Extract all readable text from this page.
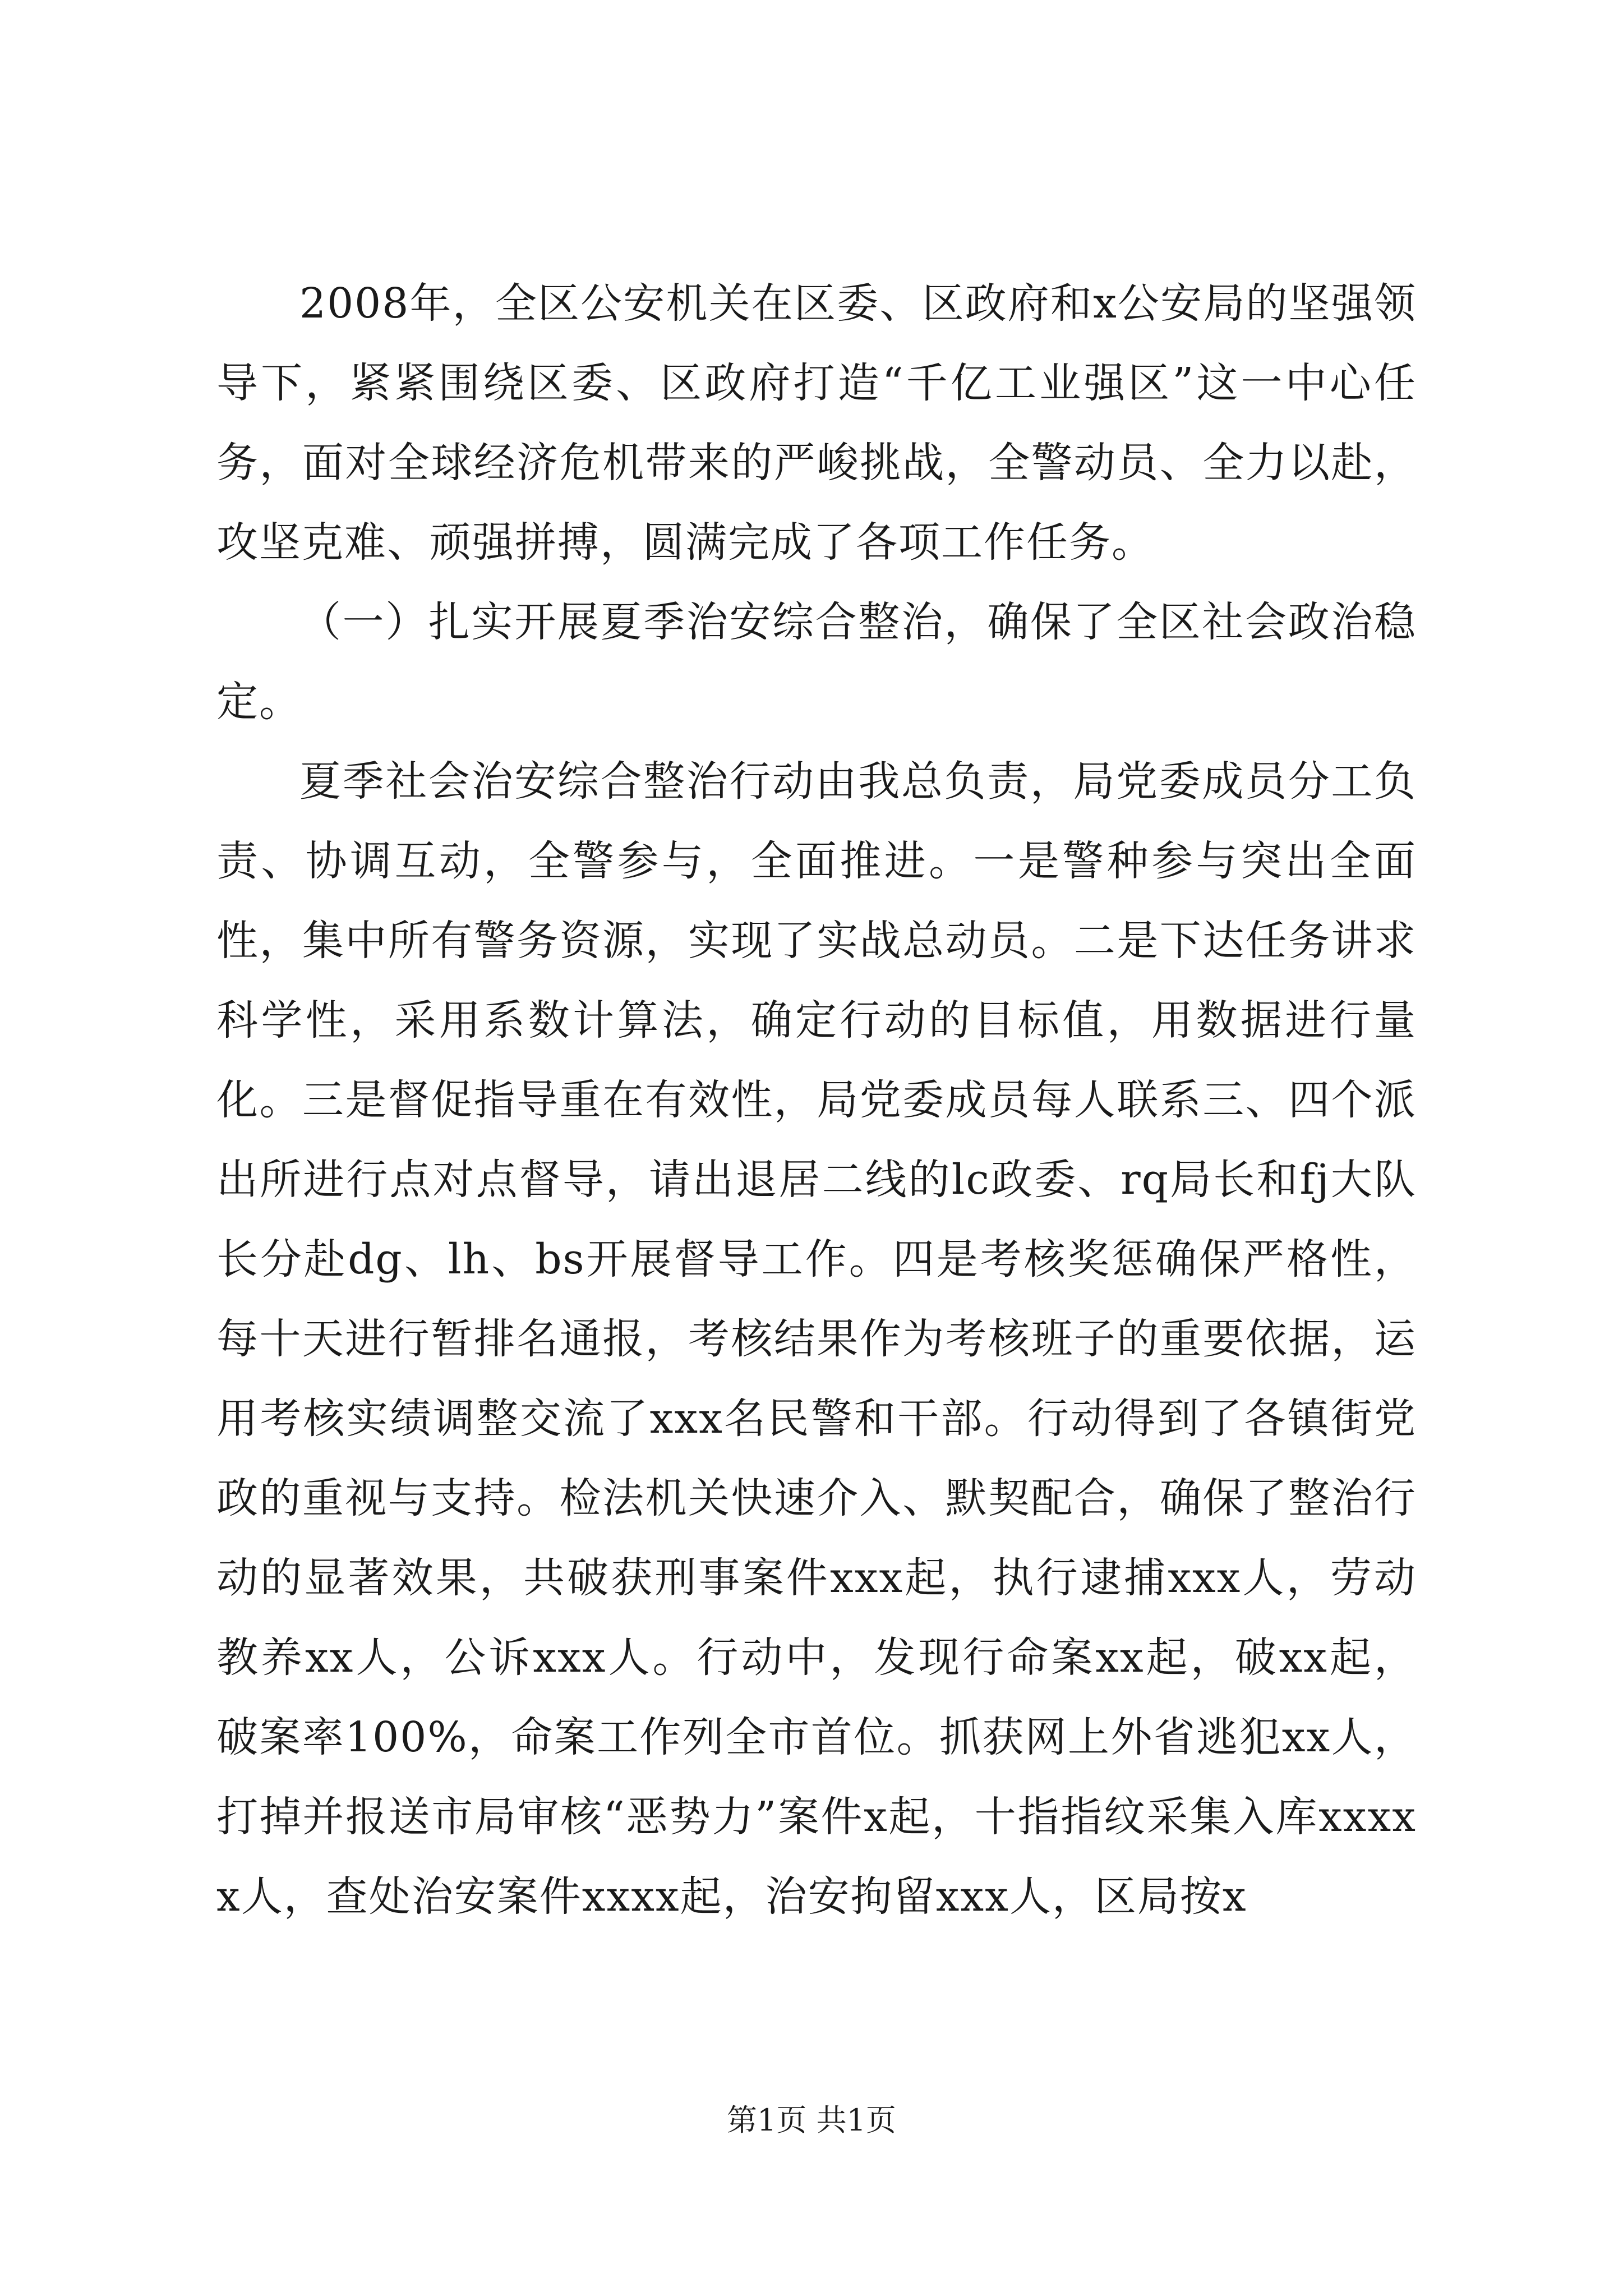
2008年，全区公安机关在区委、区政府和x公安局的坚强领导下，紧紧围绕区委、区政府打造“千亿工业强区”这一中心任务，面对全球经济危机带来的严峻挑战，全警动员、全力以赴，攻坚克难、顽强拼搏，圆满完成了各项工作任务。

（一）扎实开展夏季治安综合整治，确保了全区社会政治稳定。

夏季社会治安综合整治行动由我总负责，局党委成员分工负责、协调互动，全警参与，全面推进。一是警种参与突出全面性，集中所有警务资源，实现了实战总动员。二是下达任务讲求科学性，采用系数计算法，确定行动的目标值，用数据进行量化。三是督促指导重在有效性，局党委成员每人联系三、四个派出所进行点对点督导，请出退居二线的lc政委、rq局长和fj大队长分赴dg、lh、bs开展督导工作。四是考核奖惩确保严格性，每十天进行暂排名通报，考核结果作为考核班子的重要依据，运用考核实绩调整交流了xxx名民警和干部。行动得到了各镇街党政的重视与支持。检法机关快速介入、默契配合，确保了整治行动的显著效果，共破获刑事案件xxx起，执行逮捕xxx人，劳动教养xx人，公诉xxx人。行动中，发现行命案xx起，破xx起，破案率100%，命案工作列全市首位。抓获网上外省逃犯xx人，打掉并报送市局审核“恶势力”案件x起，十指指纹采集入库xxxxx人，查处治安案件xxxx起，治安拘留xxx人，区局按x

第1页 共1页
